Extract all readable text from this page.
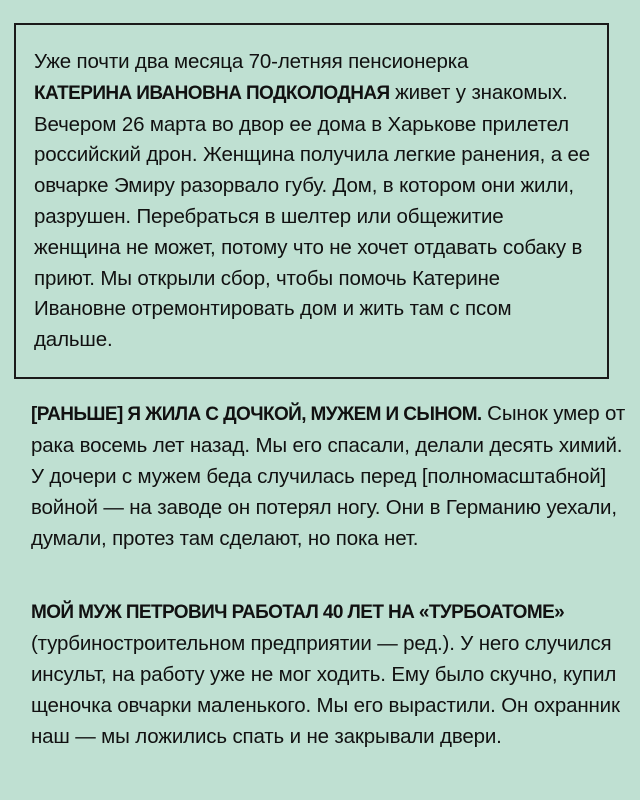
Уже почти два месяца 70-летняя пенсионерка
КАТЕРИНА ИВАНОВНА ПОДКОЛОДНАЯ живет у знакомых. Вечером 26 марта во двор ее дома в Харькове прилетел российский дрон. Женщина получила легкие ранения, а ее овчарке Эмиру разорвало губу. Дом, в котором они жили, разрушен. Перебраться в шелтер или общежитие женщина не может, потому что не хочет отдавать собаку в приют. Мы открыли сбор, чтобы помочь Катерине Ивановне отремонтировать дом и жить там с псом дальше.

[РАНЬШЕ] Я ЖИЛА С ДОЧКОЙ, МУЖЕМ И СЫНОМ. Сынок умер от рака восемь лет назад. Мы его спасали, делали десять химий. У дочери с мужем беда случилась перед [полномасштабной] войной — на заводе он потерял ногу. Они в Германию уехали, думали, протез там сделают, но пока нет.

МОЙ МУЖ ПЕТРОВИЧ РАБОТАЛ 40 ЛЕТ НА «ТУРБОАТОМЕ»
(турбиностроительном предприятии — ред.). У него случился инсульт, на работу уже не мог ходить. Ему было скучно, купил щеночка овчарки маленького. Мы его вырастили. Он охранник наш — мы ложились спать и не закрывали двери.
